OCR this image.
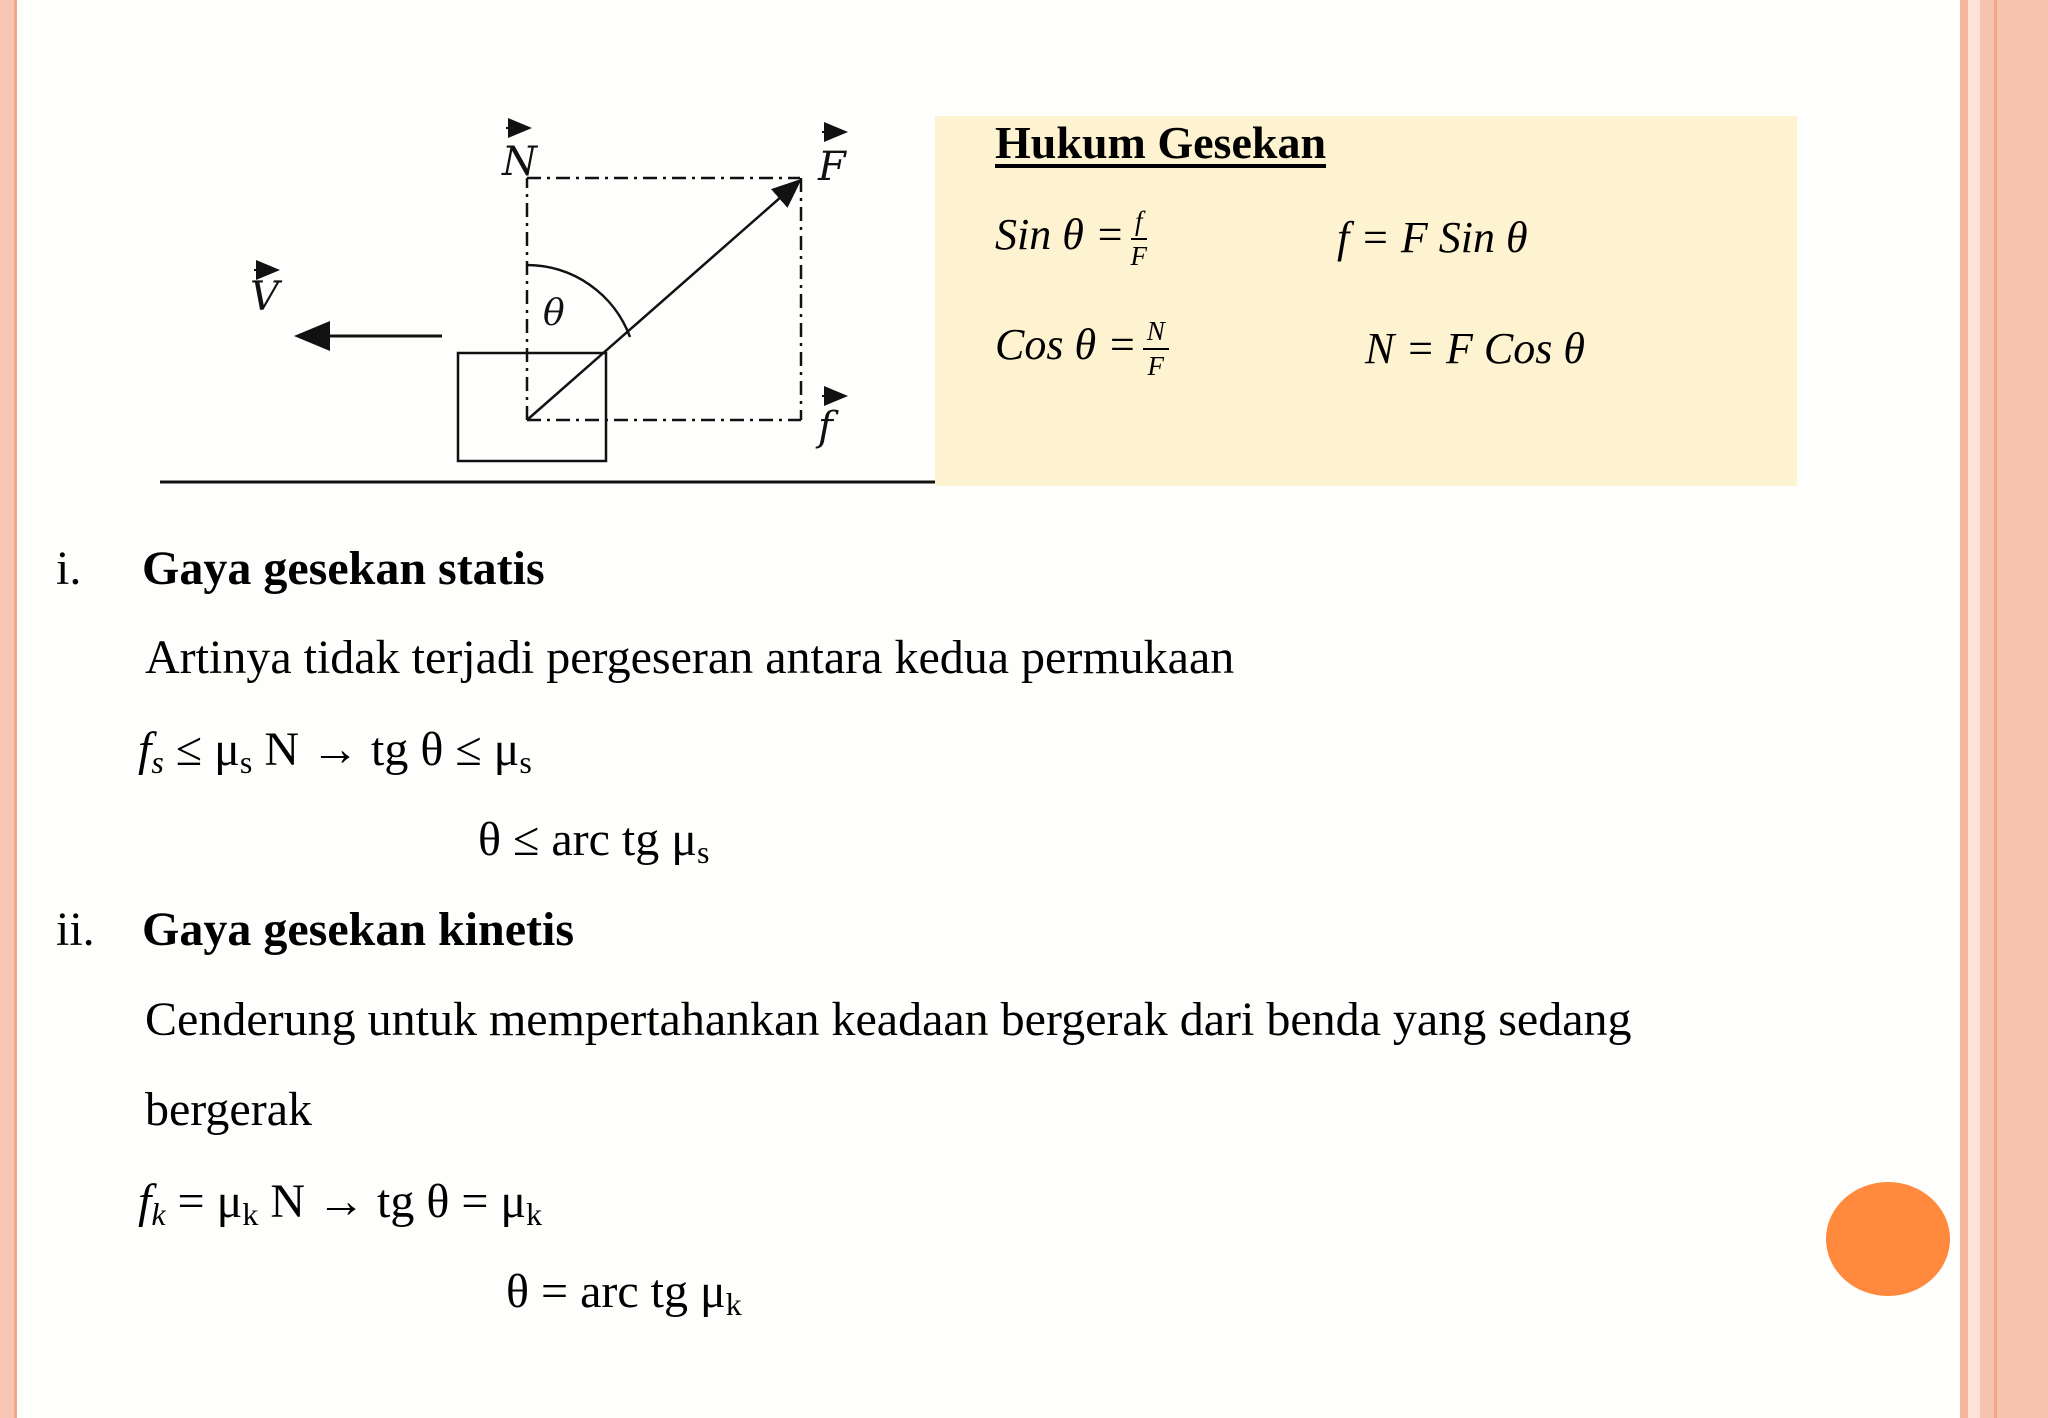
N	F
V
f
θ
Hukum Gesekan
Sin $\theta = \frac{f}{F}$	f = F Sin θ
Cos $\theta = \frac{N}{F}$	N = F Cos θ
i. Gaya gesekan statis
Artinya tidak terjadi pergeseran antara kedua permukaan
$f_s \le \mu_s$ N → tg $\theta \le \mu_s$
θ ≤ arc tg $\mu_s$
ii. Gaya gesekan kinetis
Cenderung untuk mempertahankan keadaan bergerak dari benda yang sedang
bergerak
$f_k = \mu_k$ N → tg $\theta = \mu_k$
θ = arc tg $\mu_k$
